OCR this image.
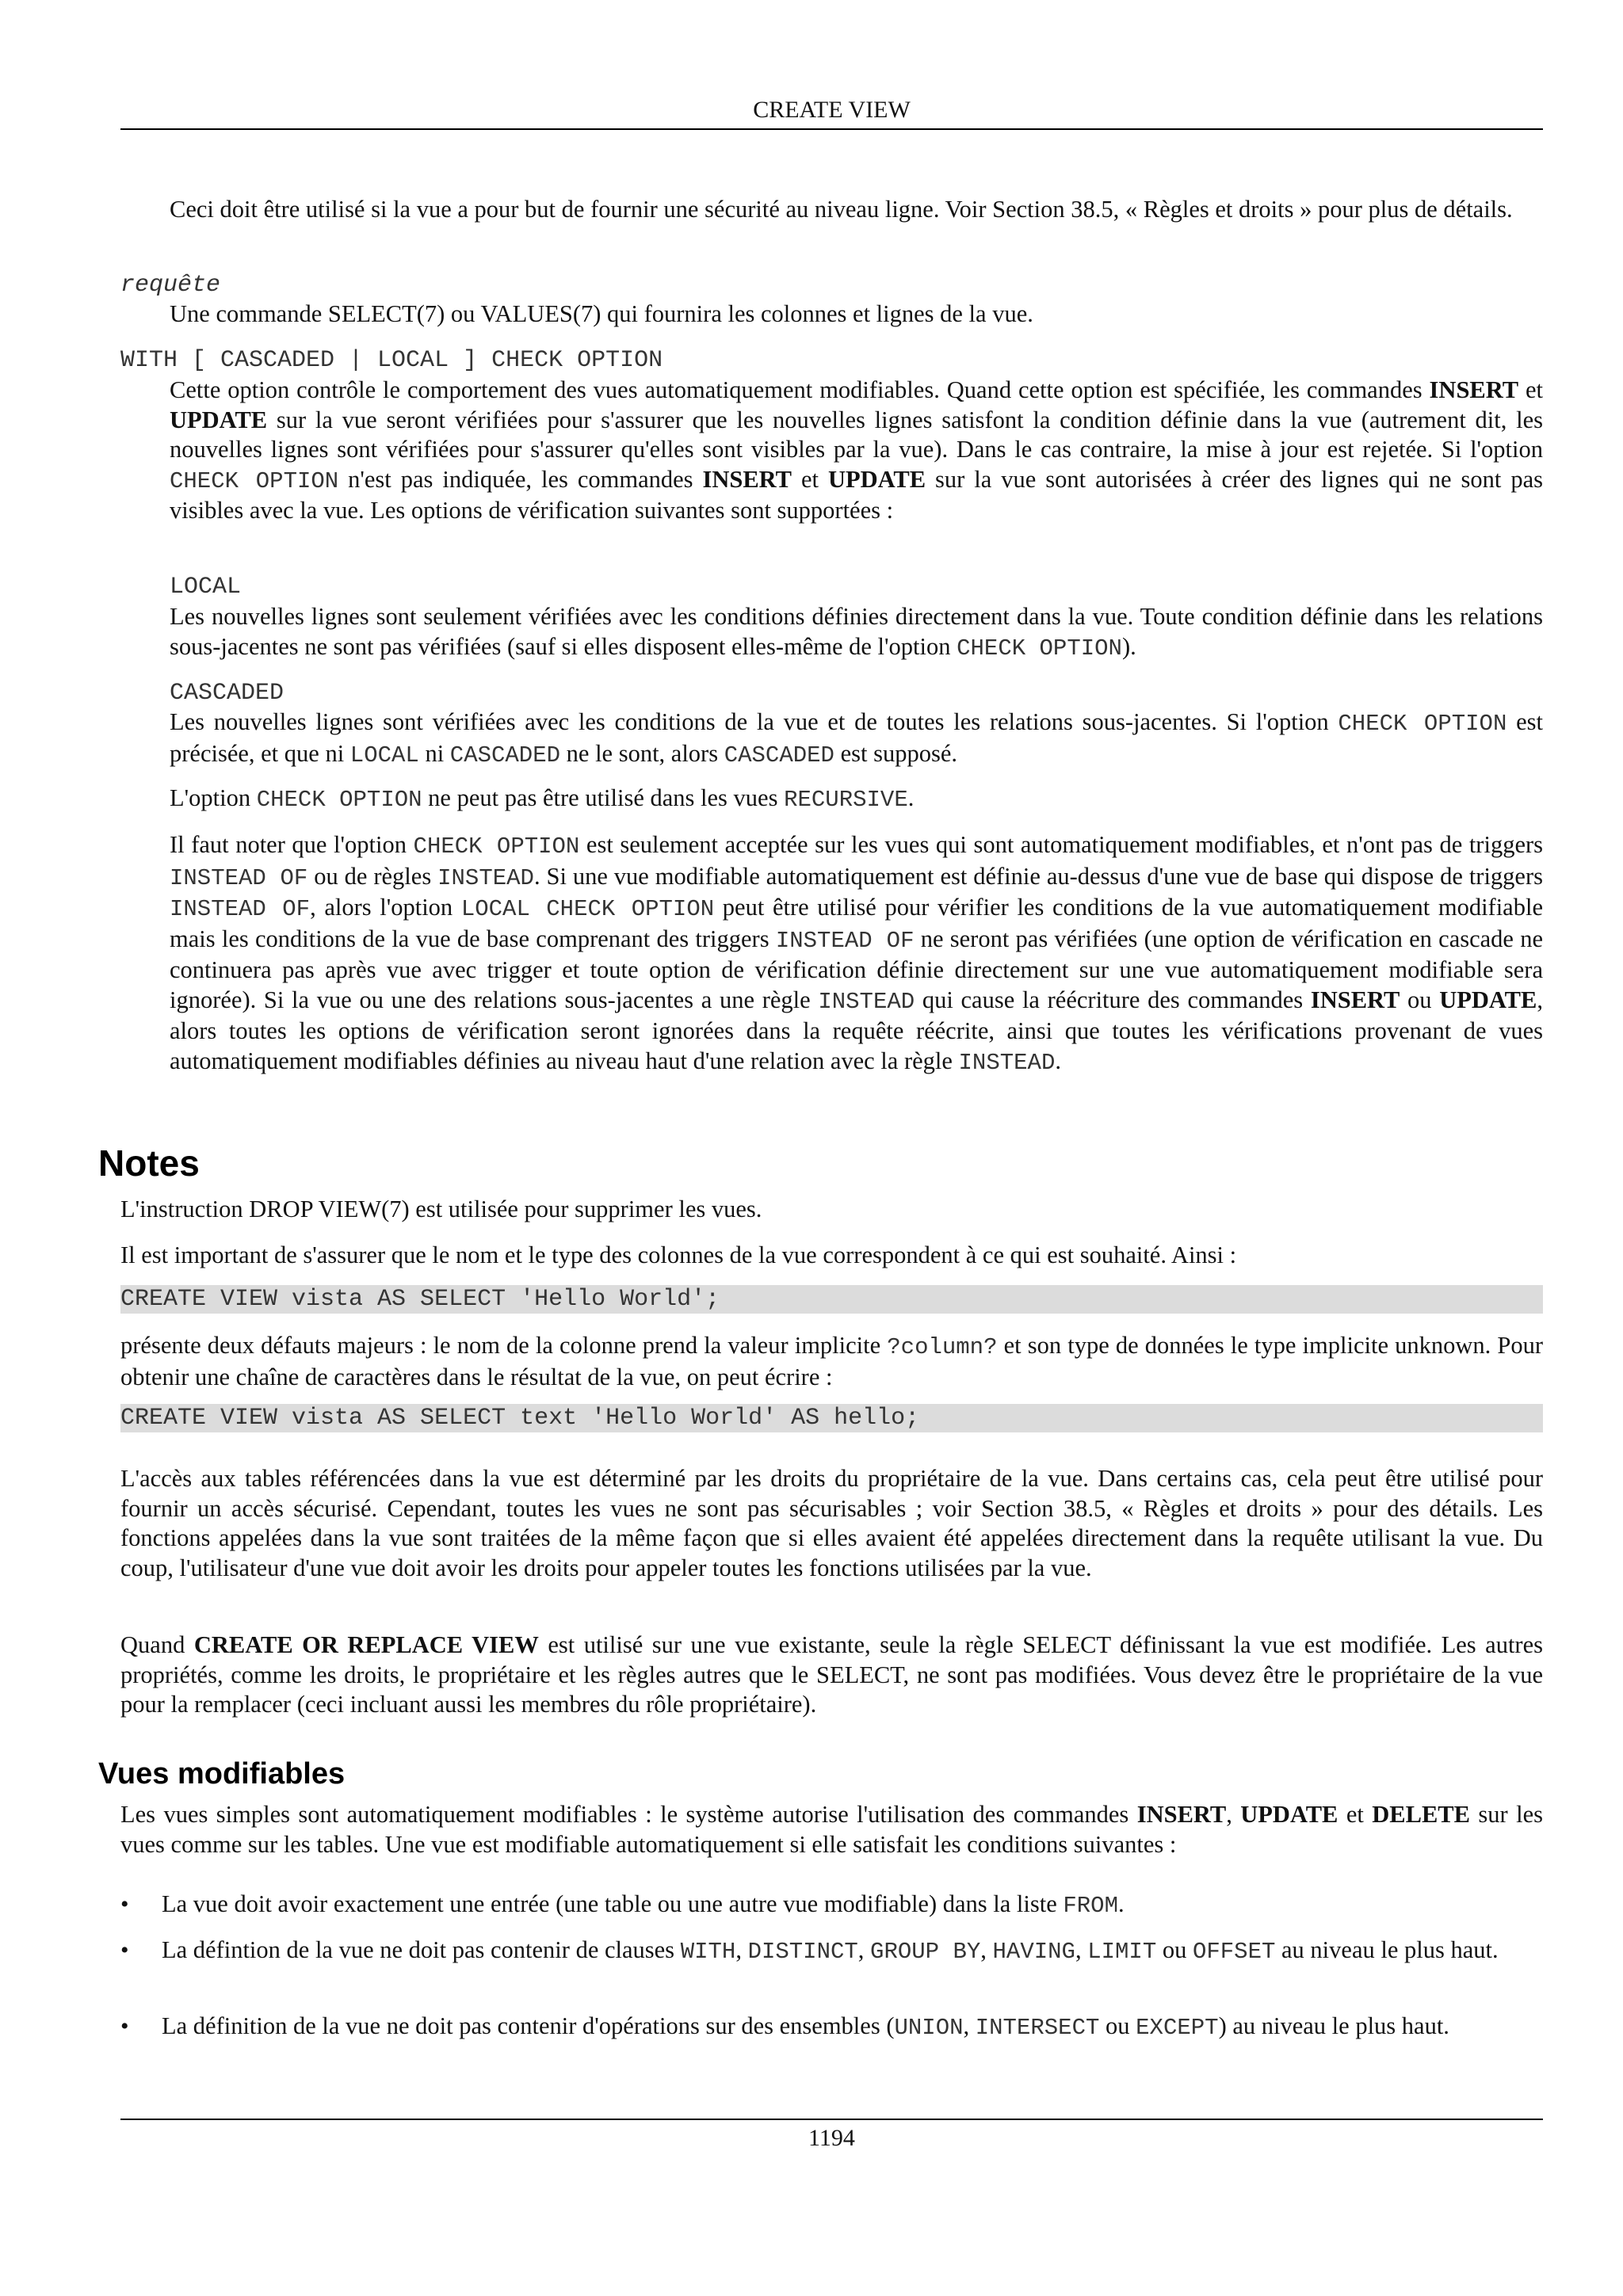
CREATE VIEW

Ceci doit être utilisé si la vue a pour but de fournir une sécurité au niveau ligne. Voir Section 38.5, « Règles et droits » pour plus de détails.

requête

Une commande SELECT(7) ou VALUES(7) qui fournira les colonnes et lignes de la vue.

WITH [ CASCADED | LOCAL ] CHECK OPTION

Cette option contrôle le comportement des vues automatiquement modifiables. Quand cette option est spécifiée, les commandes INSERT et UPDATE sur la vue seront vérifiées pour s'assurer que les nouvelles lignes satisfont la condition définie dans la vue (autrement dit, les nouvelles lignes sont vérifiées pour s'assurer qu'elles sont visibles par la vue). Dans le cas contraire, la mise à jour est rejetée. Si l'option CHECK OPTION n'est pas indiquée, les commandes INSERT et UPDATE sur la vue sont autorisées à créer des lignes qui ne sont pas visibles avec la vue. Les options de vérification suivantes sont supportées :

LOCAL

Les nouvelles lignes sont seulement vérifiées avec les conditions définies directement dans la vue. Toute condition définie dans les relations sous-jacentes ne sont pas vérifiées (sauf si elles disposent elles-même de l'option CHECK OPTION).

CASCADED

Les nouvelles lignes sont vérifiées avec les conditions de la vue et de toutes les relations sous-jacentes. Si l'option CHECK OPTION est précisée, et que ni LOCAL ni CASCADED ne le sont, alors CASCADED est supposé.

L'option CHECK OPTION ne peut pas être utilisé dans les vues RECURSIVE.

Il faut noter que l'option CHECK OPTION est seulement acceptée sur les vues qui sont automatiquement modifiables, et n'ont pas de triggers INSTEAD OF ou de règles INSTEAD. Si une vue modifiable automatiquement est définie au-dessus d'une vue de base qui dispose de triggers INSTEAD OF, alors l'option LOCAL CHECK OPTION peut être utilisé pour vérifier les conditions de la vue automatiquement modifiable mais les conditions de la vue de base comprenant des triggers INSTEAD OF ne seront pas vérifiées (une option de vérification en cascade ne continuera pas après vue avec trigger et toute option de vérification définie directement sur une vue automatiquement modifiable sera ignorée). Si la vue ou une des relations sous-jacentes a une règle INSTEAD qui cause la réécriture des commandes INSERT ou UPDATE, alors toutes les options de vérification seront ignorées dans la requête réécrite, ainsi que toutes les vérifications provenant de vues automatiquement modifiables définies au niveau haut d'une relation avec la règle INSTEAD.

Notes

L'instruction DROP VIEW(7) est utilisée pour supprimer les vues.

Il est important de s'assurer que le nom et le type des colonnes de la vue correspondent à ce qui est souhaité. Ainsi :

CREATE VIEW vista AS SELECT 'Hello World';

présente deux défauts majeurs : le nom de la colonne prend la valeur implicite ?column? et son type de données le type implicite unknown. Pour obtenir une chaîne de caractères dans le résultat de la vue, on peut écrire :

CREATE VIEW vista AS SELECT text 'Hello World' AS hello;

L'accès aux tables référencées dans la vue est déterminé par les droits du propriétaire de la vue. Dans certains cas, cela peut être utilisé pour fournir un accès sécurisé. Cependant, toutes les vues ne sont pas sécurisables ; voir Section 38.5, « Règles et droits » pour des détails. Les fonctions appelées dans la vue sont traitées de la même façon que si elles avaient été appelées directement dans la requête utilisant la vue. Du coup, l'utilisateur d'une vue doit avoir les droits pour appeler toutes les fonctions utilisées par la vue.

Quand CREATE OR REPLACE VIEW est utilisé sur une vue existante, seule la règle SELECT définissant la vue est modifiée. Les autres propriétés, comme les droits, le propriétaire et les règles autres que le SELECT, ne sont pas modifiées. Vous devez être le propriétaire de la vue pour la remplacer (ceci incluant aussi les membres du rôle propriétaire).

Vues modifiables

Les vues simples sont automatiquement modifiables : le système autorise l'utilisation des commandes INSERT, UPDATE et DELETE sur les vues comme sur les tables. Une vue est modifiable automatiquement si elle satisfait les conditions suivantes :

• La vue doit avoir exactement une entrée (une table ou une autre vue modifiable) dans la liste FROM.

• La défintion de la vue ne doit pas contenir de clauses WITH, DISTINCT, GROUP BY, HAVING, LIMIT ou OFFSET au niveau le plus haut.

• La définition de la vue ne doit pas contenir d'opérations sur des ensembles (UNION, INTERSECT ou EXCEPT) au niveau le plus haut.

1194
